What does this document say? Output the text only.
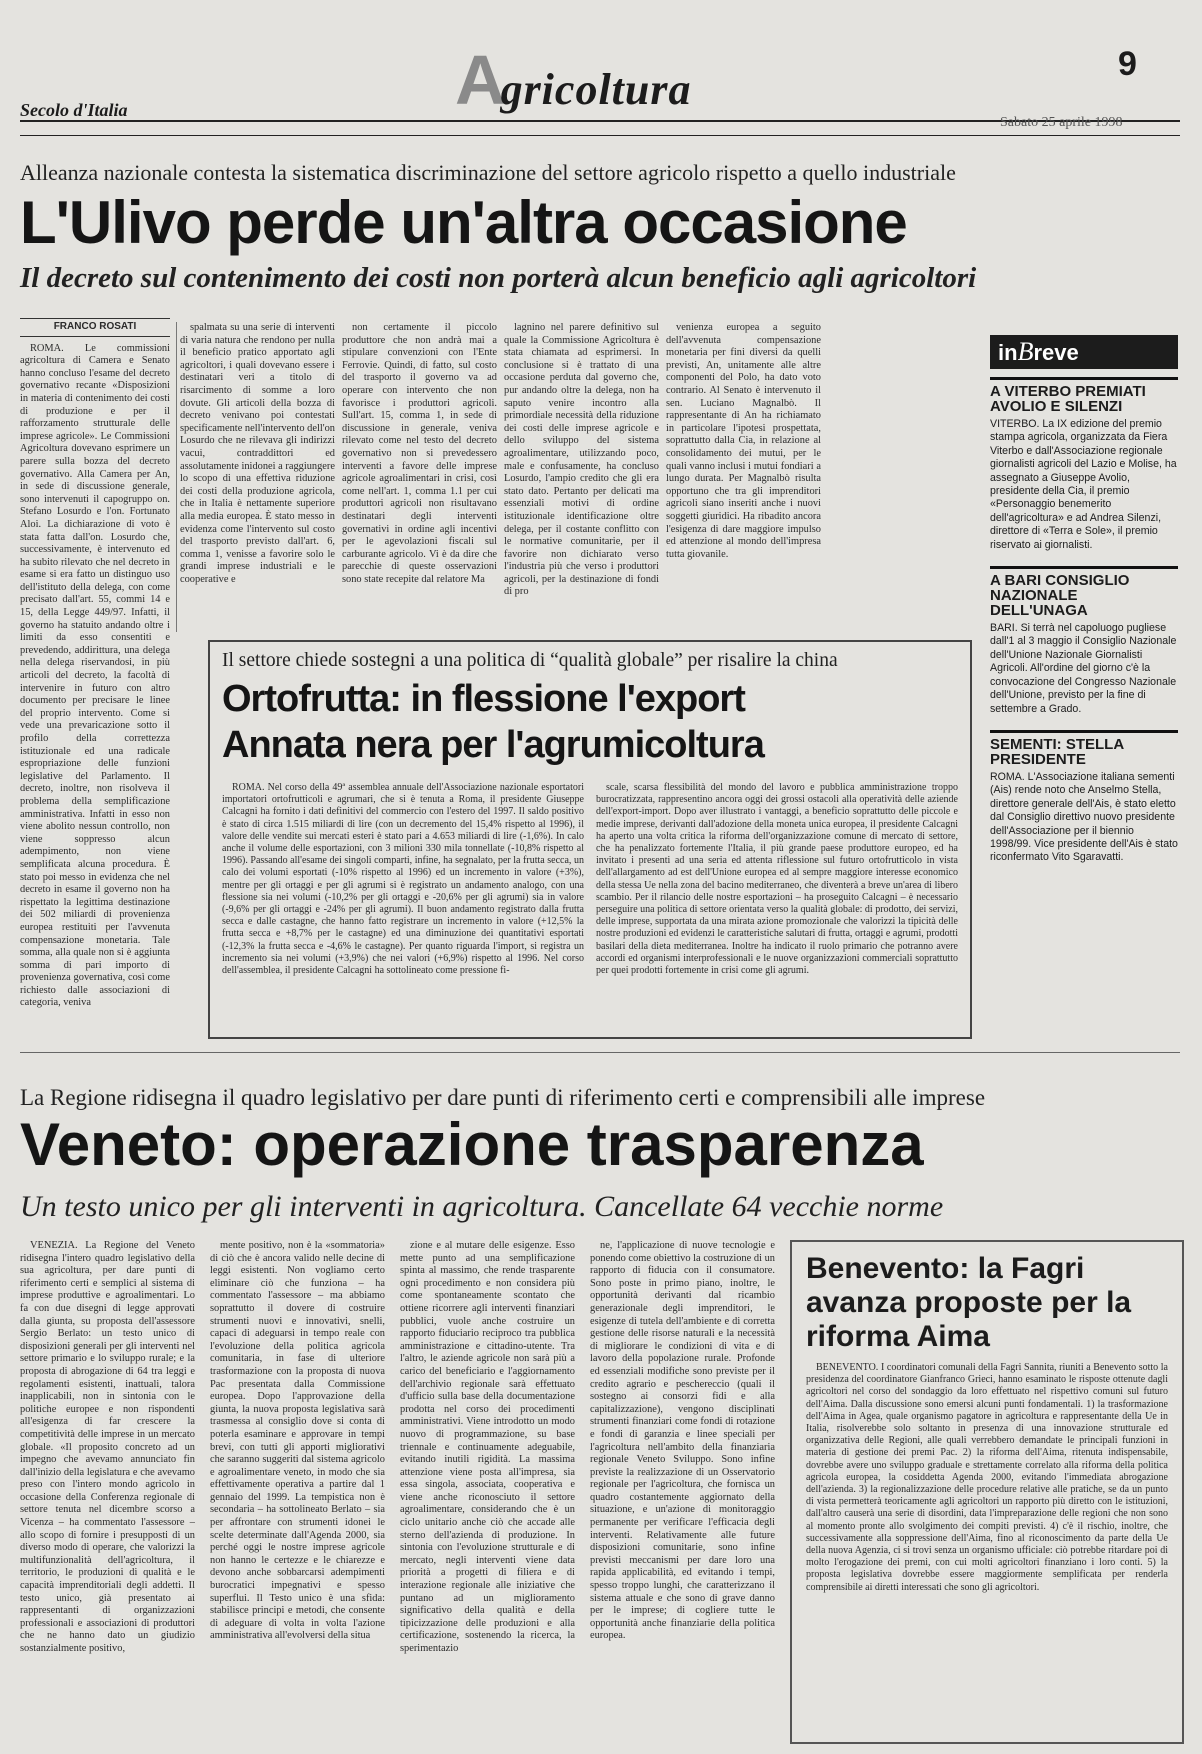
Secolo d'Italia	Agricoltura
9
Sabato 25 aprile 1998
Alleanza nazionale contesta la sistematica discriminazione del settore agricolo rispetto a quello industriale
L'Ulivo perde un'altra occasione
Il decreto sul contenimento dei costi non porterà alcun beneficio agli agricoltori
FRANCO ROSATI

ROMA. Le commissioni agricoltura di Camera e Senato hanno concluso l'esame del decreto governativo recante «Disposizioni in materia di contenimento dei costi di produzione e per il rafforzamento strutturale delle imprese agricole». Le Commissioni Agricoltura dovevano esprimere un parere sulla bozza del decreto governativo. Alla Camera per An, in sede di discussione generale, sono intervenuti il capogruppo on. Stefano Losurdo e l'on. Fortunato Aloi. La dichiarazione di voto è stata fatta dall'on. Losurdo che, successivamente, è intervenuto ed ha subito rilevato che nel decreto in esame si era fatto un distinguo uso dell'istituto della delega, con come precisato dall'art. 55, commi 14 e 15, della Legge 449/97. Infatti, il governo ha statuito andando oltre i limiti da esso consentiti e prevedendo, addirittura, una delega nella delega riservandosi, in più articoli del decreto, la facoltà di intervenire in futuro con altro documento per precisare le linee del proprio intervento. Come si vede una prevaricazione sotto il profilo della correttezza istituzionale ed una radicale espropriazione delle funzioni legislative del Parlamento. Il decreto, inoltre, non risolveva il problema della semplificazione amministrativa. Infatti in esso non viene abolito nessun controllo, non viene soppresso alcun adempimento, non viene semplificata alcuna procedura. È stato poi messo in evidenza che nel decreto in esame il governo non ha rispettato la legittima destinazione dei 502 miliardi di provenienza europea restituiti per l'avvenuta compensazione monetaria. Tale somma, alla quale non si è aggiunta somma di pari importo di provenienza governativa, così come richiesto dalle associazioni di categoria, veniva

spalmata su una serie di interventi di varia natura che rendono per nulla il beneficio pratico apportato agli agricoltori, i quali dovevano essere i destinatari veri a titolo di risarcimento di somme a loro dovute. Gli articoli della bozza di decreto venivano poi contestati specificamente nell'intervento dell'on Losurdo che ne rilevava gli indirizzi vacui, contraddittori ed assolutamente inidonei a raggiungere lo scopo di una effettiva riduzione dei costi della produzione agricola, che in Italia è nettamente superiore alla media europea. È stato messo in evidenza come l'intervento sul costo del trasporto previsto dall'art. 6, comma 1, venisse a favorire solo le grandi imprese industriali e le cooperative e

non certamente il piccolo produttore che non andrà mai a stipulare convenzioni con l'Ente Ferrovie. Quindi, di fatto, sul costo del trasporto il governo va ad operare con intervento che non favorisce i produttori agricoli. Sull'art. 15, comma 1, in sede di discussione in generale, veniva rilevato come nel testo del decreto governativo non si prevedessero interventi a favore delle imprese agricole agroalimentari in crisi, così come nell'art. 1, comma 1.1 per cui produttori agricoli non risultavano destinatari degli interventi governativi in ordine agli incentivi per le agevolazioni fiscali sul carburante agricolo. Vi è da dire che parecchie di queste osservazioni sono state recepite dal relatore Ma

lagnino nel parere definitivo sul quale la Commissione Agricoltura è stata chiamata ad esprimersi. In conclusione si è trattato di una occasione perduta dal governo che, pur andando oltre la delega, non ha saputo venire incontro alla primordiale necessità della riduzione dei costi delle imprese agricole e dello sviluppo del sistema agroalimentare, utilizzando poco, male e confusamente, ha concluso Losurdo, l'ampio credito che gli era stato dato. Pertanto per delicati ma essenziali motivi di ordine istituzionale identificazione oltre delega, per il costante conflitto con le normative comunitarie, per il favorire non dichiarato verso l'industria più che verso i produttori agricoli, per la destinazione di fondi di pro

venienza europea a seguito dell'avvenuta compensazione monetaria per fini diversi da quelli previsti, An, unitamente alle altre componenti del Polo, ha dato voto contrario. Al Senato è intervenuto il sen. Luciano Magnalbò. Il rappresentante di An ha richiamato in particolare l'ipotesi prospettata, soprattutto dalla Cia, in relazione al consolidamento dei mutui, per le quali vanno inclusi i mutui fondiari a lungo durata. Per Magnalbò risulta opportuno che tra gli imprenditori agricoli siano inseriti anche i nuovi soggetti giuridici. Ha ribadito ancora l'esigenza di dare maggiore impulso ed attenzione al mondo dell'impresa tutta giovanile.

inBreve
A VITERBO PREMIATI AVOLIO E SILENZI
VITERBO. La IX edizione del premio stampa agricola, organizzata da Fiera Viterbo e dall'Associazione regionale giornalisti agricoli del Lazio e Molise, ha assegnato a Giuseppe Avolio, presidente della Cia, il premio «Personaggio benemerito dell'agricoltura» e ad Andrea Silenzi, direttore di «Terra e Sole», il premio riservato ai giornalisti.
A BARI CONSIGLIO NAZIONALE DELL'UNAGA
BARI. Si terrà nel capoluogo pugliese dall'1 al 3 maggio il Consiglio Nazionale dell'Unione Nazionale Giornalisti Agricoli. All'ordine del giorno c'è la convocazione del Congresso Nazionale dell'Unione, previsto per la fine di settembre a Grado.
SEMENTI: STELLA PRESIDENTE
ROMA. L'Associazione italiana sementi (Ais) rende noto che Anselmo Stella, direttore generale dell'Ais, è stato eletto dal Consiglio direttivo nuovo presidente dell'Associazione per il biennio 1998/99. Vice presidente dell'Ais è stato riconfermato Vito Sgaravatti.
Il settore chiede sostegni a una politica di “qualità globale” per risalire la china
Ortofrutta: in flessione l'export
Annata nera per l'agrumicoltura

ROMA. Nel corso della 49ª assemblea annuale dell'Associazione nazionale esportatori importatori ortofrutticoli e agrumari, che si è tenuta a Roma, il presidente Giuseppe Calcagni ha fornito i dati definitivi del commercio con l'estero del 1997. Il saldo positivo è stato di circa 1.515 miliardi di lire (con un decremento del 15,4% rispetto al 1996), il valore delle vendite sui mercati esteri è stato pari a 4.653 miliardi di lire (-1,6%). In calo anche il volume delle esportazioni, con 3 milioni 330 mila tonnellate (-10,8% rispetto al 1996). Passando all'esame dei singoli comparti, infine, ha segnalato, per la frutta secca, un calo dei volumi esportati (-10% rispetto al 1996) ed un incremento in valore (+3%), mentre per gli ortaggi e per gli agrumi si è registrato un andamento analogo, con una flessione sia nei volumi (-10,2% per gli ortaggi e -20,6% per gli agrumi) sia in valore (-9,6% per gli ortaggi e -24% per gli agrumi). Il buon andamento registrato dalla frutta secca e dalle castagne, che hanno fatto registrare un incremento in valore (+12,5% la frutta secca e +8,7% per le castagne) ed una diminuzione dei quantitativi esportati (-12,3% la frutta secca e -4,6% le castagne). Per quanto riguarda l'import, si registra un incremento sia nei volumi (+3,9%) che nei valori (+6,9%) rispetto al 1996. Nel corso dell'assemblea, il presidente Calcagni ha sottolineato come pressione fi-

scale, scarsa flessibilità del mondo del lavoro e pubblica amministrazione troppo burocratizzata, rappresentino ancora oggi dei grossi ostacoli alla operatività delle aziende dell'export-import. Dopo aver illustrato i vantaggi, a beneficio soprattutto delle piccole e medie imprese, derivanti dall'adozione della moneta unica europea, il presidente Calcagni ha aperto una volta critica la riforma dell'organizzazione comune di mercato di settore, che ha penalizzato fortemente l'Italia, il più grande paese produttore europeo, ed ha invitato i presenti ad una seria ed attenta riflessione sul futuro ortofrutticolo in vista dell'allargamento ad est dell'Unione europea ed al sempre maggiore interesse economico della stessa Ue nella zona del bacino mediterraneo, che diventerà a breve un'area di libero scambio. Per il rilancio delle nostre esportazioni – ha proseguito Calcagni – è necessario perseguire una politica di settore orientata verso la qualità globale: di prodotto, dei servizi, delle imprese, supportata da una mirata azione promozionale che valorizzi la tipicità delle nostre produzioni ed evidenzi le caratteristiche salutari di frutta, ortaggi e agrumi, prodotti basilari della dieta mediterranea. Inoltre ha indicato il ruolo primario che potranno avere accordi ed organismi interprofessionali e le nuove organizzazioni commerciali soprattutto per quei prodotti fortemente in crisi come gli agrumi.

La Regione ridisegna il quadro legislativo per dare punti di riferimento certi e comprensibili alle imprese
Veneto: operazione trasparenza
Un testo unico per gli interventi in agricoltura. Cancellate 64 vecchie norme

VENEZIA. La Regione del Veneto ridisegna l'intero quadro legislativo della sua agricoltura, per dare punti di riferimento certi e semplici al sistema di imprese produttive e agroalimentari. Lo fa con due disegni di legge approvati dalla giunta, su proposta dell'assessore Sergio Berlato: un testo unico di disposizioni generali per gli interventi nel settore primario e lo sviluppo rurale; e la proposta di abrogazione di 64 tra leggi e regolamenti esistenti, inattuali, talora inapplicabili, non in sintonia con le politiche europee e non rispondenti all'esigenza di far crescere la competitività delle imprese in un mercato globale. «Il proposito concreto ad un impegno che avevamo annunciato fin dall'inizio della legislatura e che avevamo preso con l'intero mondo agricolo in occasione della Conferenza regionale di settore tenuta nel dicembre scorso a Vicenza – ha commentato l'assessore – allo scopo di fornire i presupposti di un diverso modo di operare, che valorizzi la multifunzionalità dell'agricoltura, il territorio, le produzioni di qualità e le capacità imprenditoriali degli addetti. Il testo unico, già presentato ai rappresentanti di organizzazioni professionali e associazioni di produttori che ne hanno dato un giudizio sostanzialmente positivo,

mente positivo, non è la «sommatoria» di ciò che è ancora valido nelle decine di leggi esistenti. Non vogliamo certo eliminare ciò che funziona – ha commentato l'assessore – ma abbiamo soprattutto il dovere di costruire strumenti nuovi e innovativi, snelli, capaci di adeguarsi in tempo reale con l'evoluzione della politica agricola comunitaria, in fase di ulteriore trasformazione con la proposta di nuova Pac presentata dalla Commissione europea. Dopo l'approvazione della giunta, la nuova proposta legislativa sarà trasmessa al consiglio dove si conta di poterla esaminare e approvare in tempi brevi, con tutti gli apporti migliorativi che saranno suggeriti dal sistema agricolo e agroalimentare veneto, in modo che sia effettivamente operativa a partire dal 1 gennaio del 1999. La tempistica non è secondaria – ha sottolineato Berlato – sia per affrontare con strumenti idonei le scelte determinate dall'Agenda 2000, sia perché oggi le nostre imprese agricole non hanno le certezze e le chiarezze e devono anche sobbarcarsi adempimenti burocratici impegnativi e spesso superflui. Il Testo unico è una sfida: stabilisce principi e metodi, che consente di adeguare di volta in volta l'azione amministrativa all'evolversi della situa

zione e al mutare delle esigenze. Esso mette punto ad una semplificazione spinta al massimo, che rende trasparente ogni procedimento e non considera più come spontaneamente scontato che ottiene ricorrere agli interventi finanziari pubblici, vuole anche costruire un rapporto fiduciario reciproco tra pubblica amministrazione e cittadino-utente. Tra l'altro, le aziende agricole non sarà più a carico del beneficiario e l'aggiornamento dell'archivio regionale sarà effettuato d'ufficio sulla base della documentazione prodotta nel corso dei procedimenti amministrativi. Viene introdotto un modo nuovo di programmazione, su base triennale e continuamente adeguabile, evitando inutili rigidità. La massima attenzione viene posta all'impresa, sia essa singola, associata, cooperativa e viene anche riconosciuto il settore agroalimentare, considerando che è un ciclo unitario anche ciò che accade alle sterno dell'azienda di produzione. In sintonia con l'evoluzione strutturale e di mercato, negli interventi viene data priorità a progetti di filiera e di interazione regionale alle iniziative che puntano ad un miglioramento significativo della qualità e della tipicizzazione delle produzioni e alla certificazione, sostenendo la ricerca, la sperimentazio

ne, l'applicazione di nuove tecnologie e ponendo come obiettivo la costruzione di un rapporto di fiducia con il consumatore. Sono poste in primo piano, inoltre, le opportunità derivanti dal ricambio generazionale degli imprenditori, le esigenze di tutela dell'ambiente e di corretta gestione delle risorse naturali e la necessità di migliorare le condizioni di vita e di lavoro della popolazione rurale. Profonde ed essenziali modifiche sono previste per il credito agrario e peschereccio (quali il sostegno ai consorzi fidi e alla capitalizzazione), vengono disciplinati strumenti finanziari come fondi di rotazione e fondi di garanzia e linee speciali per l'agricoltura nell'ambito della finanziaria regionale Veneto Sviluppo. Sono infine previste la realizzazione di un Osservatorio regionale per l'agricoltura, che fornisca un quadro costantemente aggiornato della situazione, e un'azione di monitoraggio permanente per verificare l'efficacia degli interventi. Relativamente alle future disposizioni comunitarie, sono infine previsti meccanismi per dare loro una rapida applicabilità, ed evitando i tempi, spesso troppo lunghi, che caratterizzano il sistema attuale e che sono di grave danno per le imprese; di cogliere tutte le opportunità anche finanziarie della politica europea.

Benevento: la Fagri avanza proposte per la riforma Aima

BENEVENTO. I coordinatori comunali della Fagri Sannita, riuniti a Benevento sotto la presidenza del coordinatore Gianfranco Grieci, hanno esaminato le risposte ottenute dagli agricoltori nel corso del sondaggio da loro effettuato nel rispettivo comuni sul futuro dell'Aima. Dalla discussione sono emersi alcuni punti fondamentali. 1) la trasformazione dell'Aima in Agea, quale organismo pagatore in agricoltura e rappresentante della Ue in Italia, risolverebbe solo soltanto in presenza di una innovazione strutturale ed organizzativa delle Regioni, alle quali verrebbero demandate le principali funzioni in materia di gestione dei premi Pac. 2) la riforma dell'Aima, ritenuta indispensabile, dovrebbe avere uno sviluppo graduale e strettamente correlato alla riforma della politica agricola europea, la cosiddetta Agenda 2000, evitando l'immediata abrogazione dell'azienda. 3) la regionalizzazione delle procedure relative alle pratiche, se da un punto di vista permetterà teoricamente agli agricoltori un rapporto più diretto con le istituzioni, dall'altro causerà una serie di disordini, data l'impreparazione delle regioni che non sono al momento pronte allo svolgimento dei compiti previsti. 4) c'è il rischio, inoltre, che successivamente alla soppressione dell'Aima, fino al riconoscimento da parte della Ue della nuova Agenzia, ci si trovi senza un organismo ufficiale: ciò potrebbe ritardare poi di molto l'erogazione dei premi, con cui molti agricoltori finanziano i loro conti. 5) la proposta legislativa dovrebbe essere maggiormente semplificata per renderla comprensibile ai diretti interessati che sono gli agricoltori.
